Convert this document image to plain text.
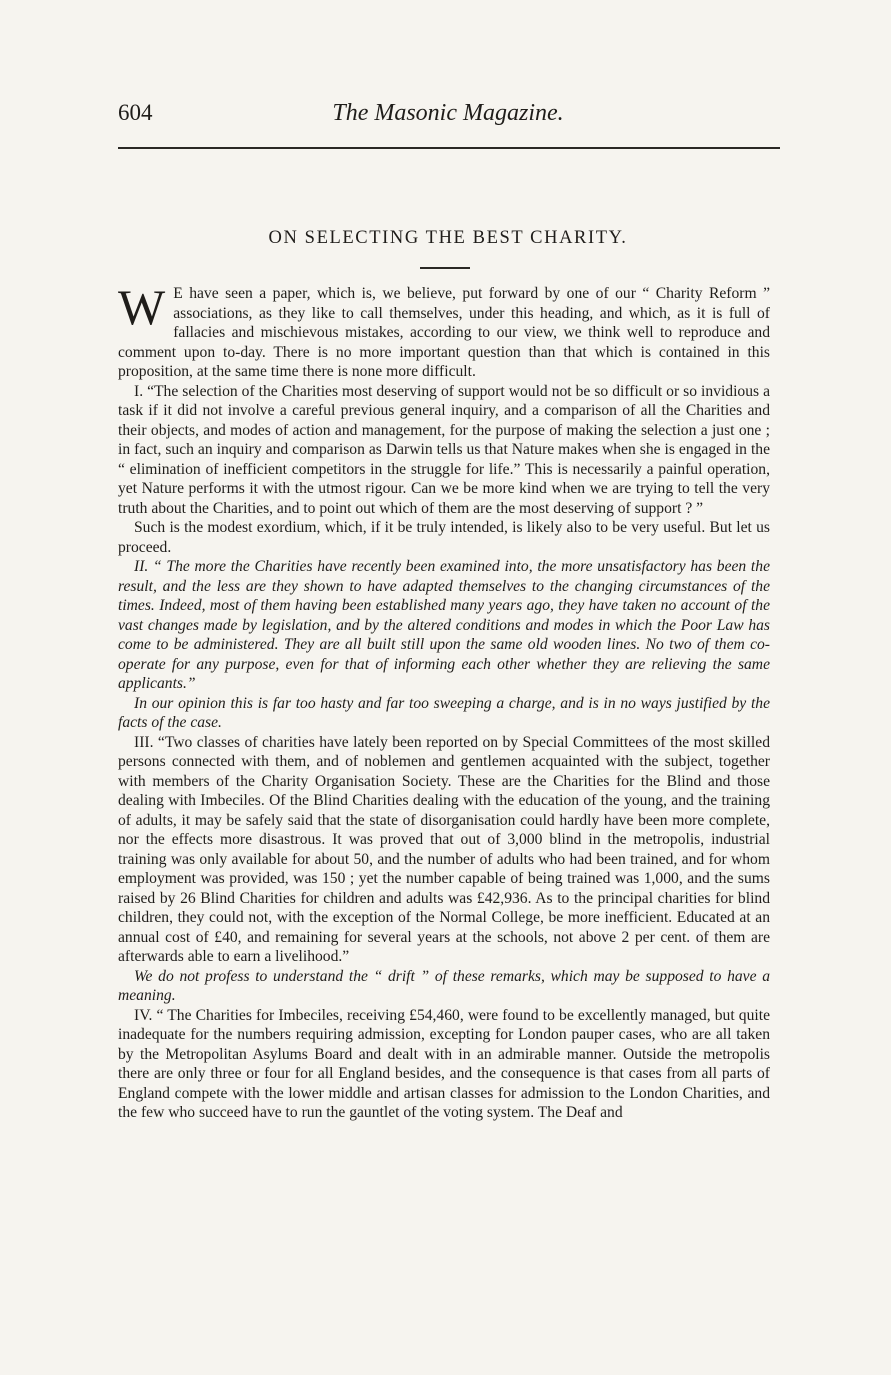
604	The Masonic Magazine.
ON SELECTING THE BEST CHARITY.

W E have seen a paper, which is, we believe, put forward by one of our “ Charity Reform ” associations, as they like to call themselves, under this heading, and which, as it is full of fallacies and mischievous mistakes, according to our view, we think well to reproduce and comment upon to-day. There is no more important question than that which is contained in this proposition, at the same time there is none more difficult.

I. “The selection of the Charities most deserving of support would not be so difficult or so invidious a task if it did not involve a careful previous general inquiry, and a comparison of all the Charities and their objects, and modes of action and management, for the purpose of making the selection a just one ; in fact, such an inquiry and comparison as Darwin tells us that Nature makes when she is engaged in the “ elimination of inefficient competitors in the struggle for life.” This is necessarily a painful operation, yet Nature performs it with the utmost rigour. Can we be more kind when we are trying to tell the very truth about the Charities, and to point out which of them are the most deserving of support ? ”

Such is the modest exordium, which, if it be truly intended, is likely also to be very useful. But let us proceed.

II. “ The more the Charities have recently been examined into, the more unsatisfactory has been the result, and the less are they shown to have adapted themselves to the changing circumstances of the times. Indeed, most of them having been established many years ago, they have taken no account of the vast changes made by legislation, and by the altered conditions and modes in which the Poor Law has come to be administered. They are all built still upon the same old wooden lines. No two of them co-operate for any purpose, even for that of informing each other whether they are relieving the same applicants.”

In our opinion this is far too hasty and far too sweeping a charge, and is in no ways justified by the facts of the case.

III. “Two classes of charities have lately been reported on by Special Committees of the most skilled persons connected with them, and of noblemen and gentlemen acquainted with the subject, together with members of the Charity Organisation Society. These are the Charities for the Blind and those dealing with Imbeciles. Of the Blind Charities dealing with the education of the young, and the training of adults, it may be safely said that the state of disorganisation could hardly have been more complete, nor the effects more disastrous. It was proved that out of 3,000 blind in the metropolis, industrial training was only available for about 50, and the number of adults who had been trained, and for whom employment was provided, was 150 ; yet the number capable of being trained was 1,000, and the sums raised by 26 Blind Charities for children and adults was £42,936. As to the principal charities for blind children, they could not, with the exception of the Normal College, be more inefficient. Educated at an annual cost of £40, and remaining for several years at the schools, not above 2 per cent. of them are afterwards able to earn a livelihood.”

We do not profess to understand the “ drift ” of these remarks, which may be supposed to have a meaning.

IV. “ The Charities for Imbeciles, receiving £54,460, were found to be excellently managed, but quite inadequate for the numbers requiring admission, excepting for London pauper cases, who are all taken by the Metropolitan Asylums Board and dealt with in an admirable manner. Outside the metropolis there are only three or four for all England besides, and the consequence is that cases from all parts of England compete with the lower middle and artisan classes for admission to the London Charities, and the few who succeed have to run the gauntlet of the voting system. The Deaf and
